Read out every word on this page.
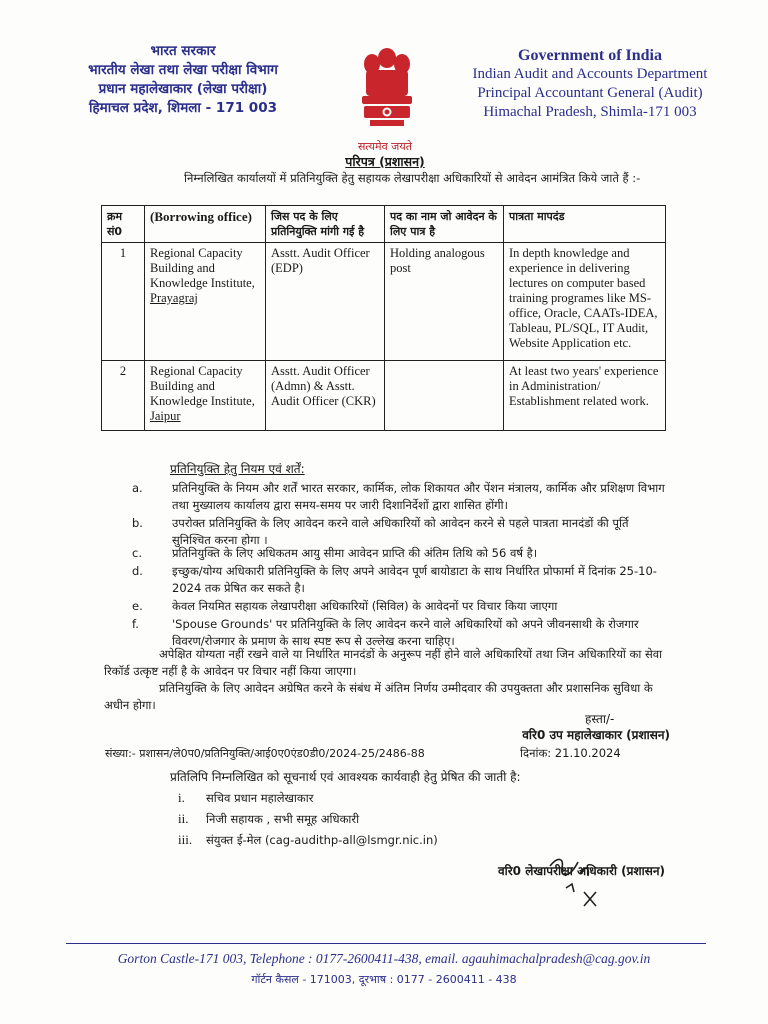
भारत सरकार
भारतीय लेखा तथा लेखा परीक्षा विभाग
प्रधान महालेखाकार (लेखा परीक्षा)
हिमाचल प्रदेश, शिमला - 171 003
सत्यमेव जयते
Government of India
Indian Audit and Accounts Department
Principal Accountant General (Audit)
Himachal Pradesh, Shimla-171 003
परिपत्र (प्रशासन)
निम्नलिखित कार्यालयों में प्रतिनियुक्ति हेतु सहायक लेखापरीक्षा अधिकारियों से आवेदन आमंत्रित किये जाते हैं :-
क्रम सं0	(Borrowing office)	जिस पद के लिए प्रतिनियुक्ति मांगी गई है	पद का नाम जो आवेदन के लिए पात्र है	पात्रता मापदंड
1	Regional Capacity Building and Knowledge Institute, Prayagraj	Asstt. Audit Officer (EDP)	Holding analogous post	In depth knowledge and experience in delivering lectures on computer based training programes like MS-office, Oracle, CAATs-IDEA, Tableau, PL/SQL, IT Audit, Website Application etc.
2	Regional Capacity Building and Knowledge Institute, Jaipur	Asstt. Audit Officer (Admn) & Asstt. Audit Officer (CKR)		At least two years' experience in Administration/ Establishment related work.
प्रतिनियुक्ति हेतु नियम एवं शर्तें:
a.	प्रतिनियुक्ति के नियम और शर्तें भारत सरकार, कार्मिक, लोक शिकायत और पेंशन मंत्रालय, कार्मिक और प्रशिक्षण विभाग तथा मुख्यालय कार्यालय द्वारा समय-समय पर जारी दिशानिर्देशों द्वारा शासित होंगी।
b.	उपरोक्त प्रतिनियुक्ति के लिए आवेदन करने वाले अधिकारियों को आवेदन करने से पहले पात्रता मानदंडों की पूर्ति सुनिश्चित करना होगा ।
c.	प्रतिनियुक्ति के लिए अधिकतम आयु सीमा आवेदन प्राप्ति की अंतिम तिथि को 56 वर्ष है।
d.	इच्छुक/योग्य अधिकारी प्रतिनियुक्ति के लिए अपने आवेदन पूर्ण बायोडाटा के साथ निर्धारित प्रोफार्मा में दिनांक 25-10-2024 तक प्रेषित कर सकते है।
e.	केवल नियमित सहायक लेखापरीक्षा अधिकारियों (सिविल) के आवेदनों पर विचार किया जाएगा
f.	'Spouse Grounds' पर प्रतिनियुक्ति के लिए आवेदन करने वाले अधिकारियों को अपने जीवनसाथी के रोजगार विवरण/रोजगार के प्रमाण के साथ स्पष्ट रूप से उल्लेख करना चाहिए।
अपेक्षित योग्यता नहीं रखने वाले या निर्धारित मानदंडों के अनुरूप नहीं होने वाले अधिकारियों तथा जिन अधिकारियों का सेवा रिकॉर्ड उत्कृष्ट नहीं है के आवेदन पर विचार नहीं किया जाएगा।
प्रतिनियुक्ति के लिए आवेदन अग्रेषित करने के संबंध में अंतिम निर्णय उम्मीदवार की उपयुक्तता और प्रशासनिक सुविधा के अधीन होगा।
हस्ता/-
वरि0 उप महालेखाकार (प्रशासन)
संख्या:- प्रशासन/ले0प0/प्रतिनियुक्ति/आई0ए0एंड0डी0/2024-25/2486-88	दिनांक: 21.10.2024
प्रतिलिपि निम्नलिखित को सूचनार्थ एवं आवश्यक कार्यवाही हेतु प्रेषित की जाती है:
i. सचिव प्रधान महालेखाकार
ii. निजी सहायक , सभी समूह अधिकारी
iii. संयुक्त ई-मेल (cag-audithp-all@lsmgr.nic.in)
वरि0 लेखापरीक्षा अधिकारी (प्रशासन)
Gorton Castle-171 003, Telephone : 0177-2600411-438, email. agauhimachalpradesh@cag.gov.in
गॉर्टन कैसल - 171003, दूरभाष : 0177 - 2600411 - 438
